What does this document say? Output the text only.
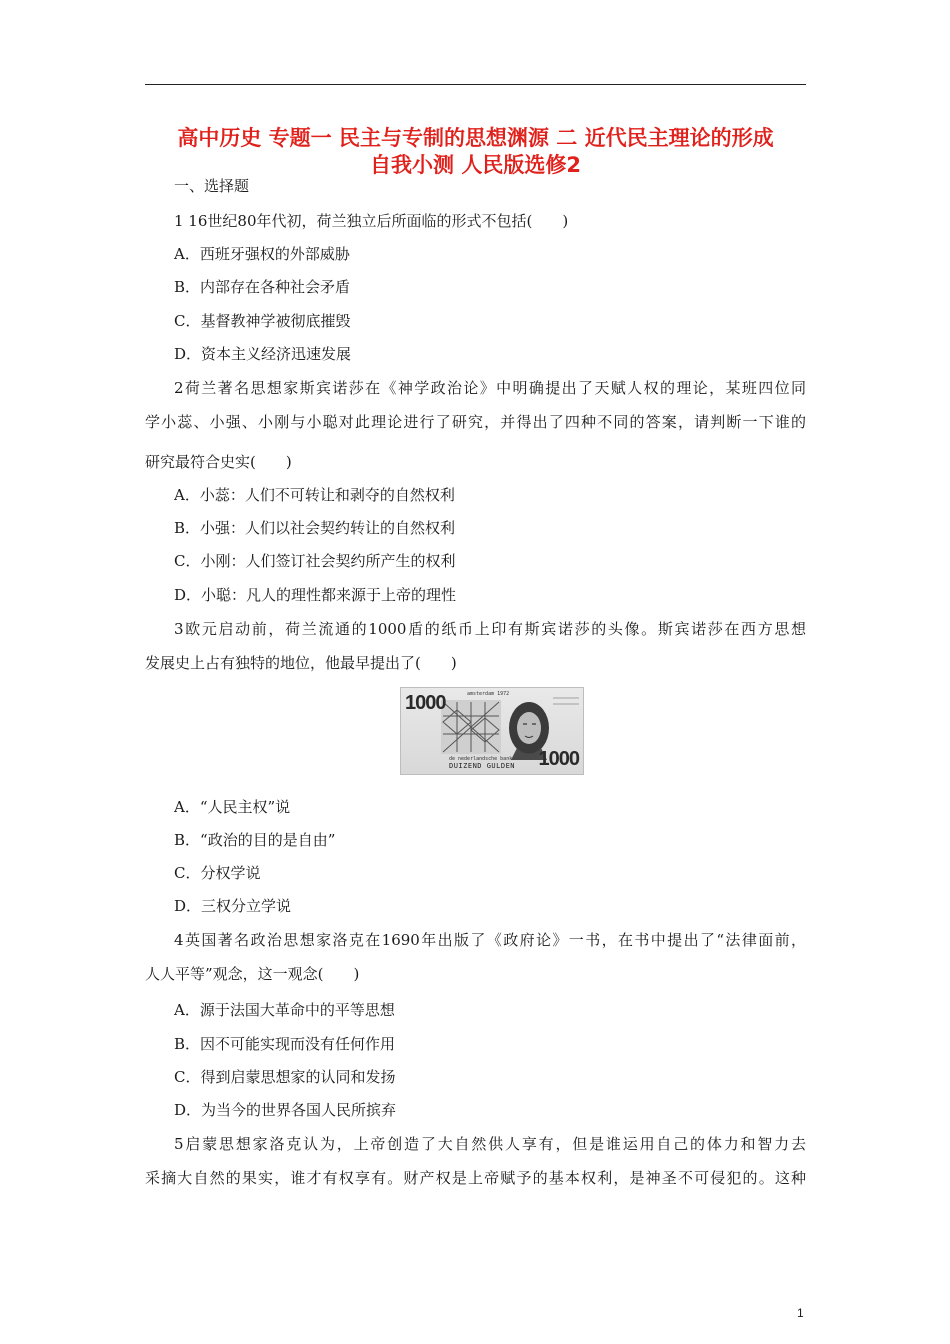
高中历史 专题一 民主与专制的思想渊源 二 近代民主理论的形成
自我小测 人民版选修2
一、选择题
1 16世纪80年代初，荷兰独立后所面临的形式不包括(　　)
A．西班牙强权的外部威胁
B．内部存在各种社会矛盾
C．基督教神学被彻底摧毁
D．资本主义经济迅速发展
2荷兰著名思想家斯宾诺莎在《神学政治论》中明确提出了天赋人权的理论，某班四位同
学小蕊、小强、小刚与小聪对此理论进行了研究，并得出了四种不同的答案，请判断一下谁的
研究最符合史实(　　)
A．小蕊：人们不可转让和剥夺的自然权利
B．小强：人们以社会契约转让的自然权利
C．小刚：人们签订社会契约所产生的权利
D．小聪：凡人的理性都来源于上帝的理性
3欧元启动前，荷兰流通的1000盾的纸币上印有斯宾诺莎的头像。斯宾诺莎在西方思想
发展史上占有独特的地位，他最早提出了(　　)
1000	amsterdam 1972
de nederlandsche bank
DUIZEND GULDEN 1000
A．“人民主权”说
B．“政治的目的是自由”
C．分权学说
D．三权分立学说
4英国著名政治思想家洛克在1690年出版了《政府论》一书，在书中提出了“法律面前，
人人平等”观念，这一观念(　　)
A．源于法国大革命中的平等思想
B．因不可能实现而没有任何作用
C．得到启蒙思想家的认同和发扬
D．为当今的世界各国人民所摈弃
5启蒙思想家洛克认为，上帝创造了大自然供人享有，但是谁运用自己的体力和智力去
采摘大自然的果实，谁才有权享有。财产权是上帝赋予的基本权利，是神圣不可侵犯的。这种
1
